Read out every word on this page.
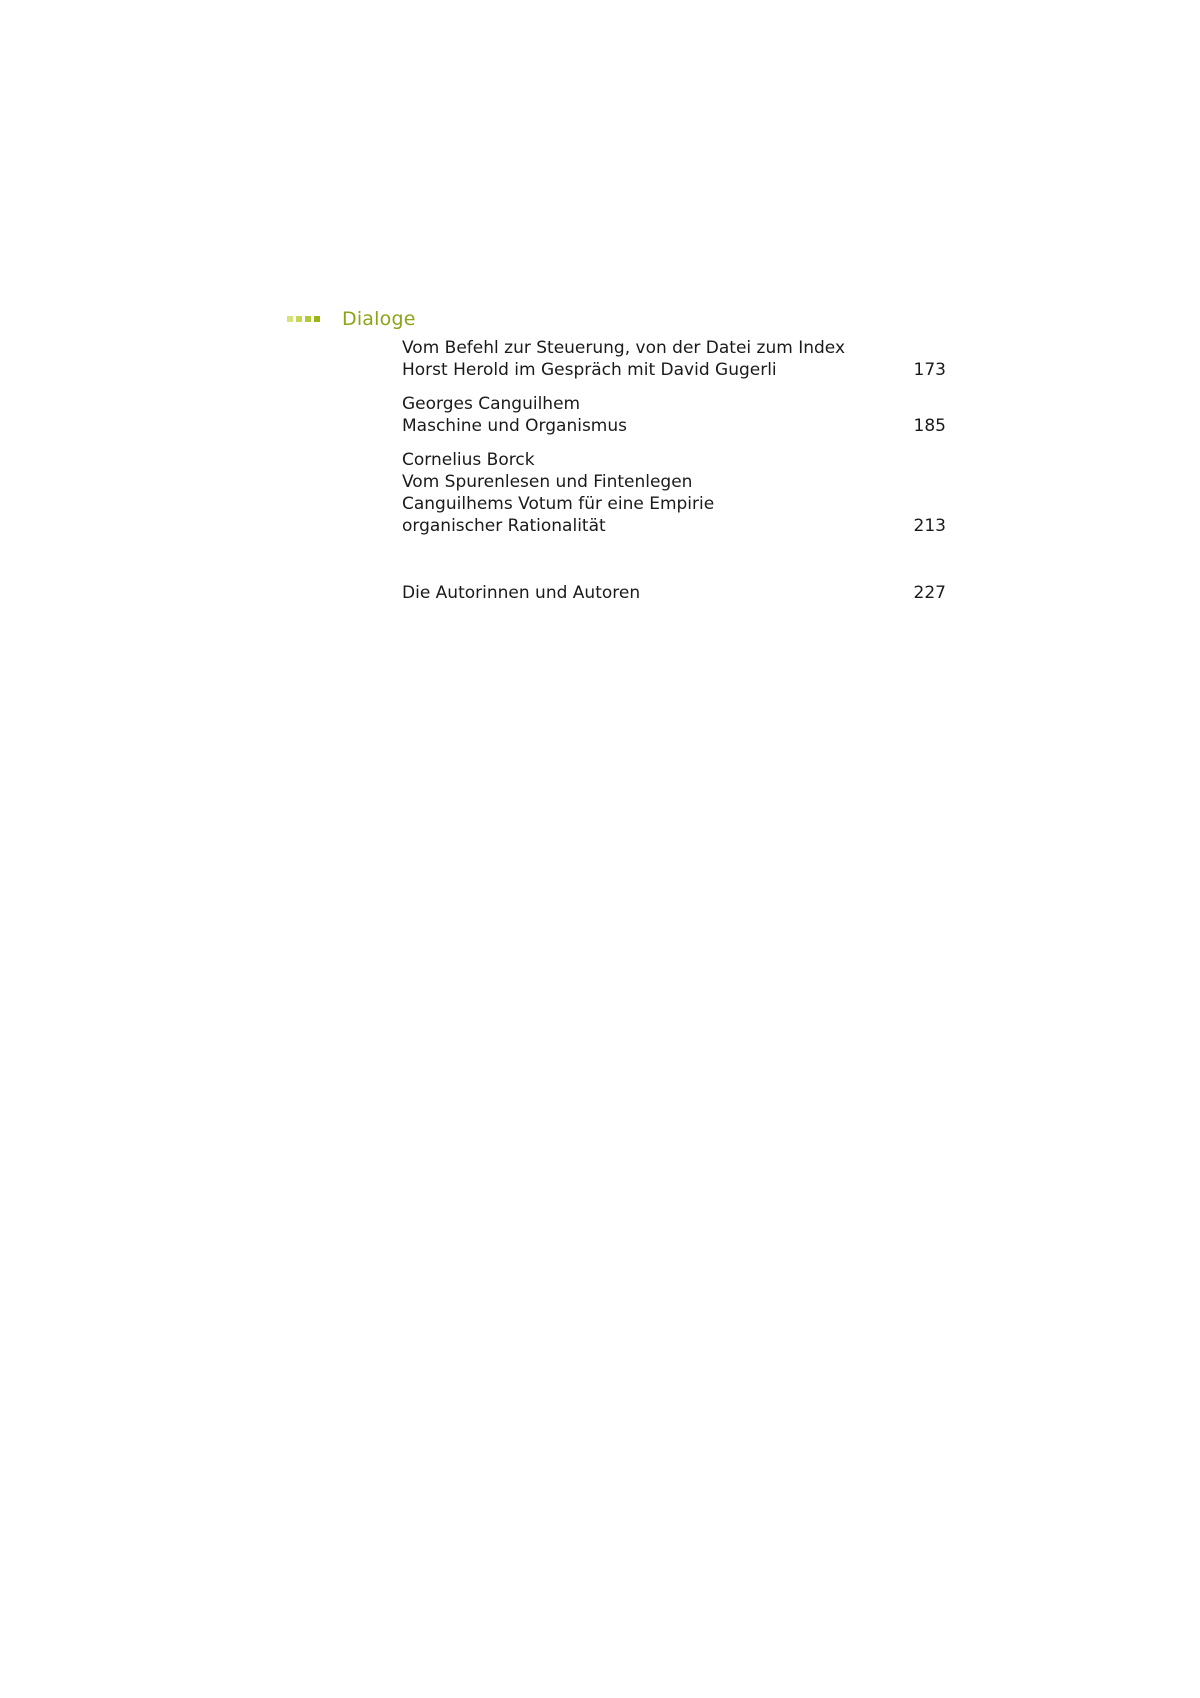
Dialoge
Vom Befehl zur Steuerung, von der Datei zum Index
Horst Herold im Gespräch mit David Gugerli	173
Georges Canguilhem
Maschine und Organismus	185
Cornelius Borck
Vom Spurenlesen und Fintenlegen
Canguilhems Votum für eine Empirie
organischer Rationalität	213
Die Autorinnen und Autoren	227
